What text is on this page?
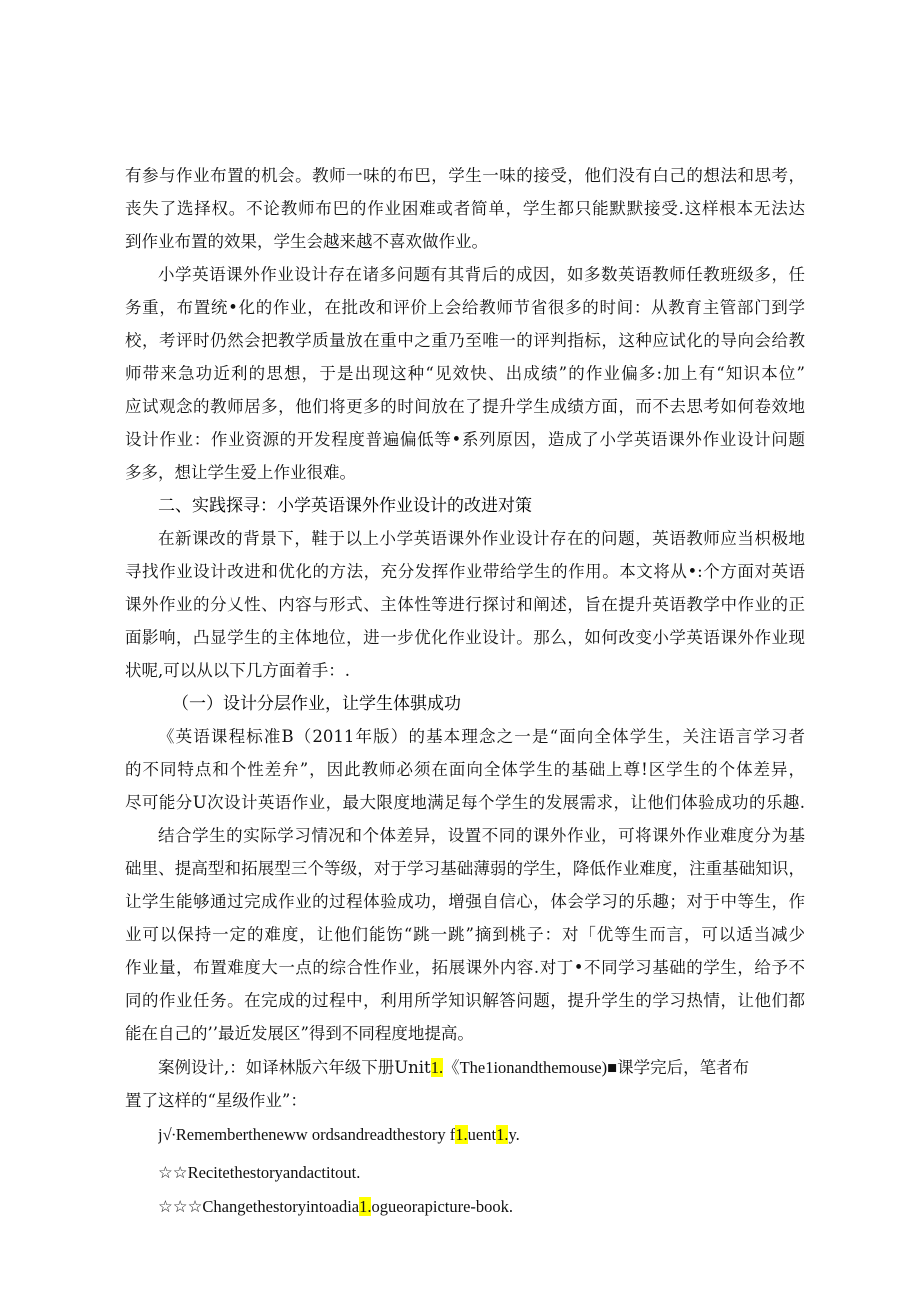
有参与作业布置的机会。教师一味的布巴，学生一味的接受，他们没有白己的想法和思考，
丧失了选择权。不论教师布巴的作业困难或者简单，学生都只能默默接受.这样根本无法达
到作业布置的效果，学生会越来越不喜欢做作业。
小学英语课外作业设计存在诸多问题有其背后的成因，如多数英语教师任教班级多，任
务重，布置统•化的作业，在批改和评价上会给教师节省很多的时间：从教育主管部门到学
校，考评时仍然会把教学质量放在重中之重乃至唯一的评判指标，这种应试化的导向会给教
师带来急功近利的思想，于是出现这种“见效快、出成绩”的作业偏多:加上有“知识本位”
应试观念的教师居多，他们将更多的时间放在了提升学生成绩方面，而不去思考如何卷效地
设计作业：作业资源的开发程度普遍偏低等•系列原因，造成了小学英语课外作业设计问题
多多，想让学生爱上作业很难。
二、实践探寻：小学英语课外作业设计的改进对策
在新课改的背景下，鞋于以上小学英语课外作业设计存在的问题，英语教师应当枳极地
寻找作业设计改进和优化的方法，充分发挥作业带给学生的作用。本文将从•:个方面对英语
课外作业的分乂性、内容与形式、主体性等进行探讨和阐述，旨在提升英语教学中作业的正
面影响，凸显学生的主体地位，进一步优化作业设计。那么，如何改变小学英语课外作业现
状呢,可以从以下几方面着手：.
（一）设计分层作业，让学生体骐成功
《英语课程标准B（2011年版）的基本理念之一是“面向全体学生，关注语言学习者
的不同特点和个性差弁”，因此教师必须在面向全体学生的基础上尊!区学生的个体差异，
尽可能分U次设计英语作业，最大限度地满足每个学生的发展需求，让他们体验成功的乐趣.
结合学生的实际学习情况和个体差异，设置不同的课外作业，可将课外作业难度分为基
础里、提高型和拓展型三个等级，对于学习基础薄弱的学生，降低作业难度，注重基础知识，
让学生能够通过完成作业的过程体验成功，增强自信心，体会学习的乐趣；对于中等生，作
业可以保持一定的难度，让他们能饬“跳一跳”摘到桃子：对「优等生而言，可以适当减少
作业量，布置难度大一点的综合性作业，拓展课外内容.对丁•不同学习基础的学生，给予不
同的作业任务。在完成的过程中，利用所学知识解答问题，提升学生的学习热情，让他们都
能在自己的’’最近发展区”得到不同程度地提高。
案例设计,：如译林版六年级下册Unit1.《The1ionandthemouse)■课学完后，笔者布
置了这样的“星级作业”：
j√∙Remembertheneww ordsandreadthestory f1.uent1.y.
☆☆Recitethestoryandactitout.
☆☆☆Changethestoryintoadia1.ogueorapicture-book.
